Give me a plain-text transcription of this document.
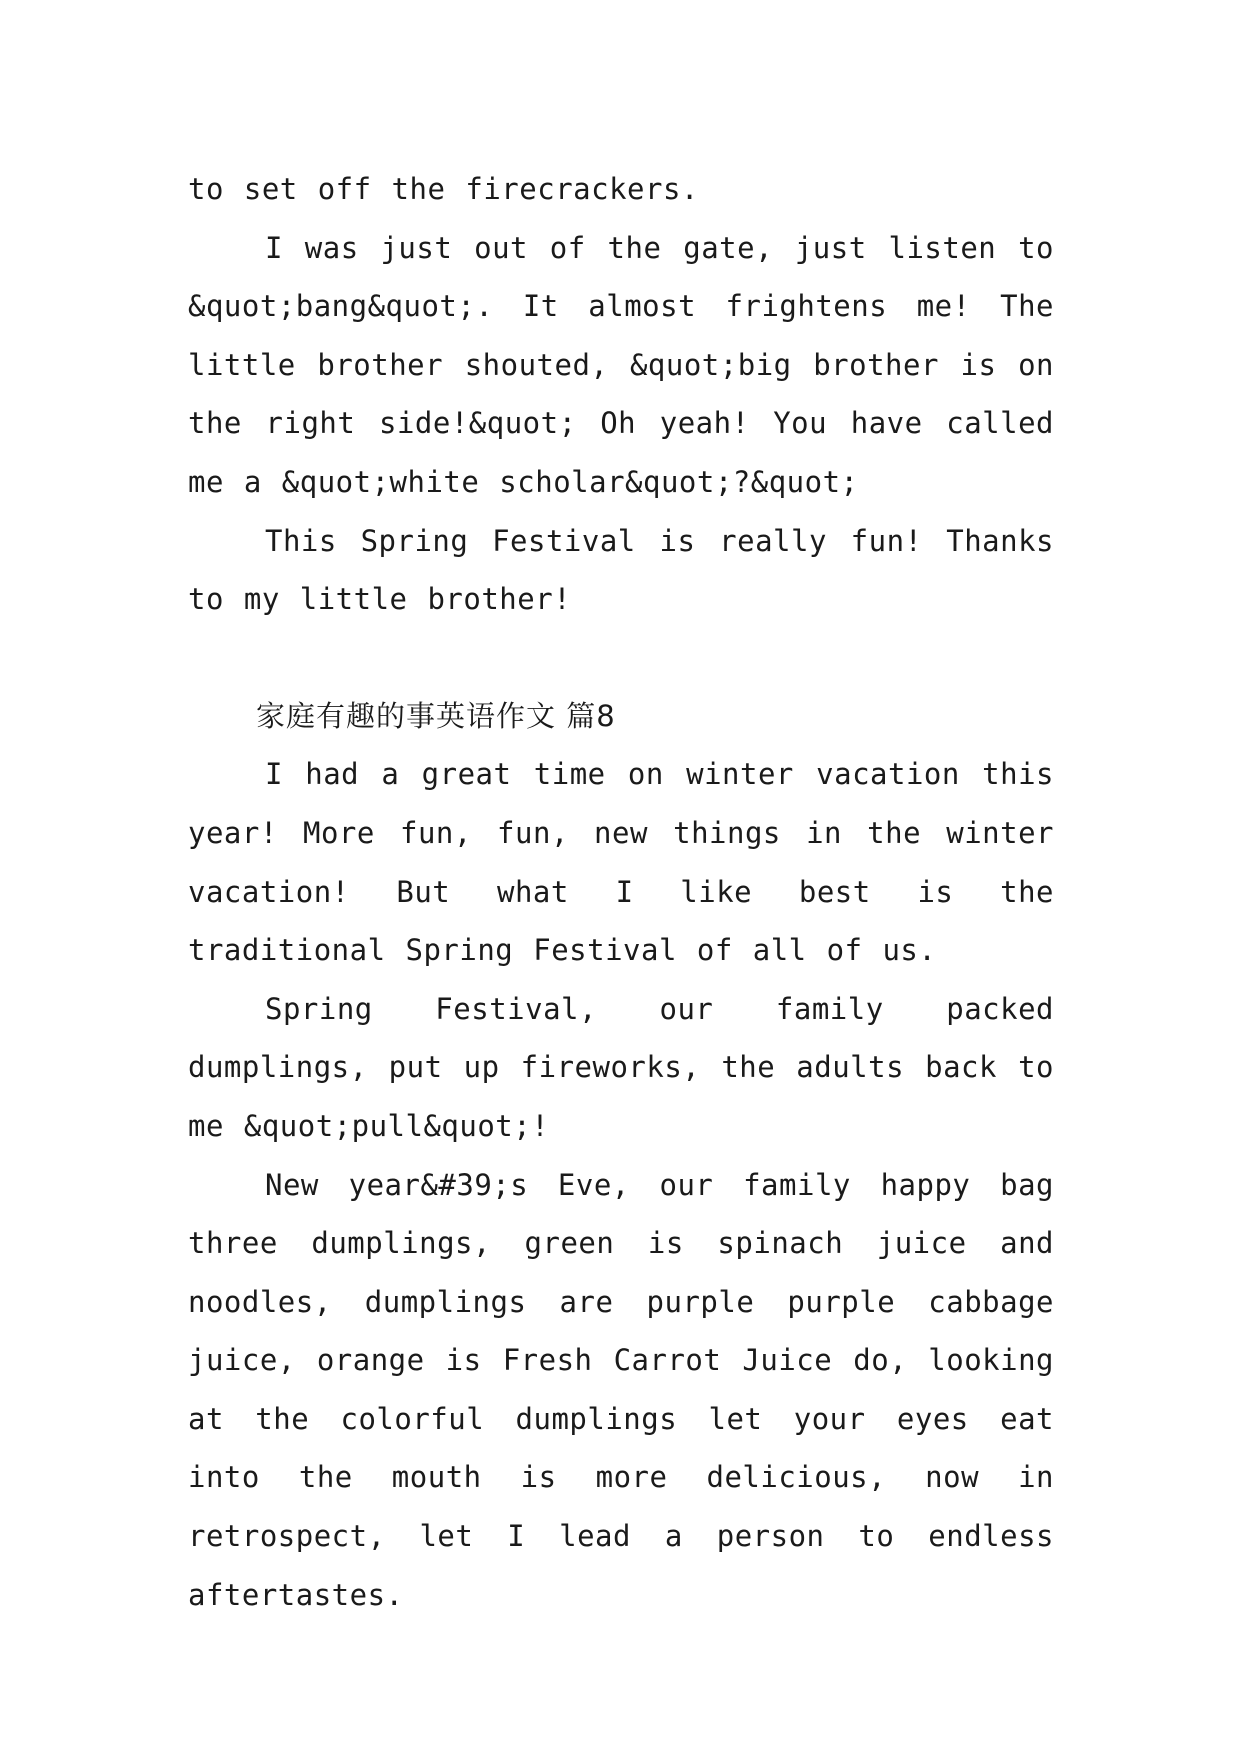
to set off the firecrackers.

I was just out of the gate, just listen to &quot;bang&quot;. It almost frightens me! The little brother shouted, &quot;big brother is on the right side!&quot; Oh yeah! You have called me a &quot;white scholar&quot;?&quot;

This Spring Festival is really fun! Thanks to my little brother!

家庭有趣的事英语作文 篇8

I had a great time on winter vacation this year! More fun, fun, new things in the winter vacation! But what I like best is the traditional Spring Festival of all of us.

Spring Festival, our family packed dumplings, put up fireworks, the adults back to me &quot;pull&quot;!

New year&#39;s Eve, our family happy bag three dumplings, green is spinach juice and noodles, dumplings are purple purple cabbage juice, orange is Fresh Carrot Juice do, looking at the colorful dumplings let your eyes eat into the mouth is more delicious, now in retrospect, let I lead a person to endless aftertastes.
